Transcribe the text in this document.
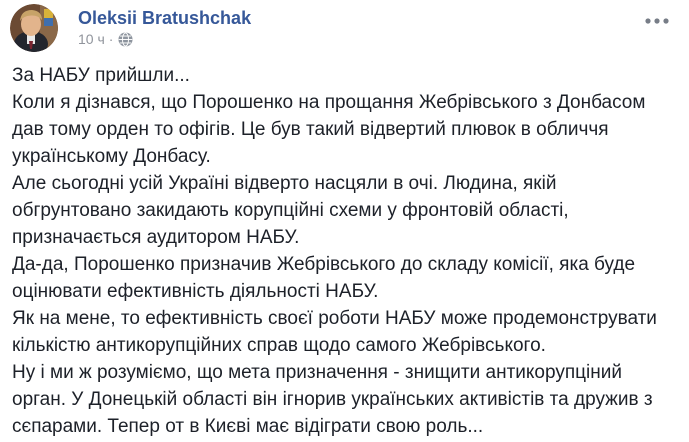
Oleksii Bratushchak
10 ч ·
За НАБУ прийшли...
Коли я дізнався, що Порошенко на прощання Жебрівського з Донбасом дав тому орден то офігів. Це був такий відвертий плювок в обличчя українському Донбасу.
Але сьогодні усій Україні відверто насцяли в очі. Людина, якій обгрунтовано закидають корупційні схеми у фронтовій області, призначається аудитором НАБУ.
Да-да, Порошенко призначив Жебрівського до складу комісії, яка буде оцінювати ефективність діяльності НАБУ.
Як на мене, то ефективність своєї роботи НАБУ може продемонструвати кількістю антикорупційних справ щодо самого Жебрівського.
Ну і ми ж розуміємо, що мета призначення - знищити антикорупціний орган. У Донецькій області він ігнорив українських активістів та дружив з сєпарами. Тепер от в Києві має відіграти свою роль...
